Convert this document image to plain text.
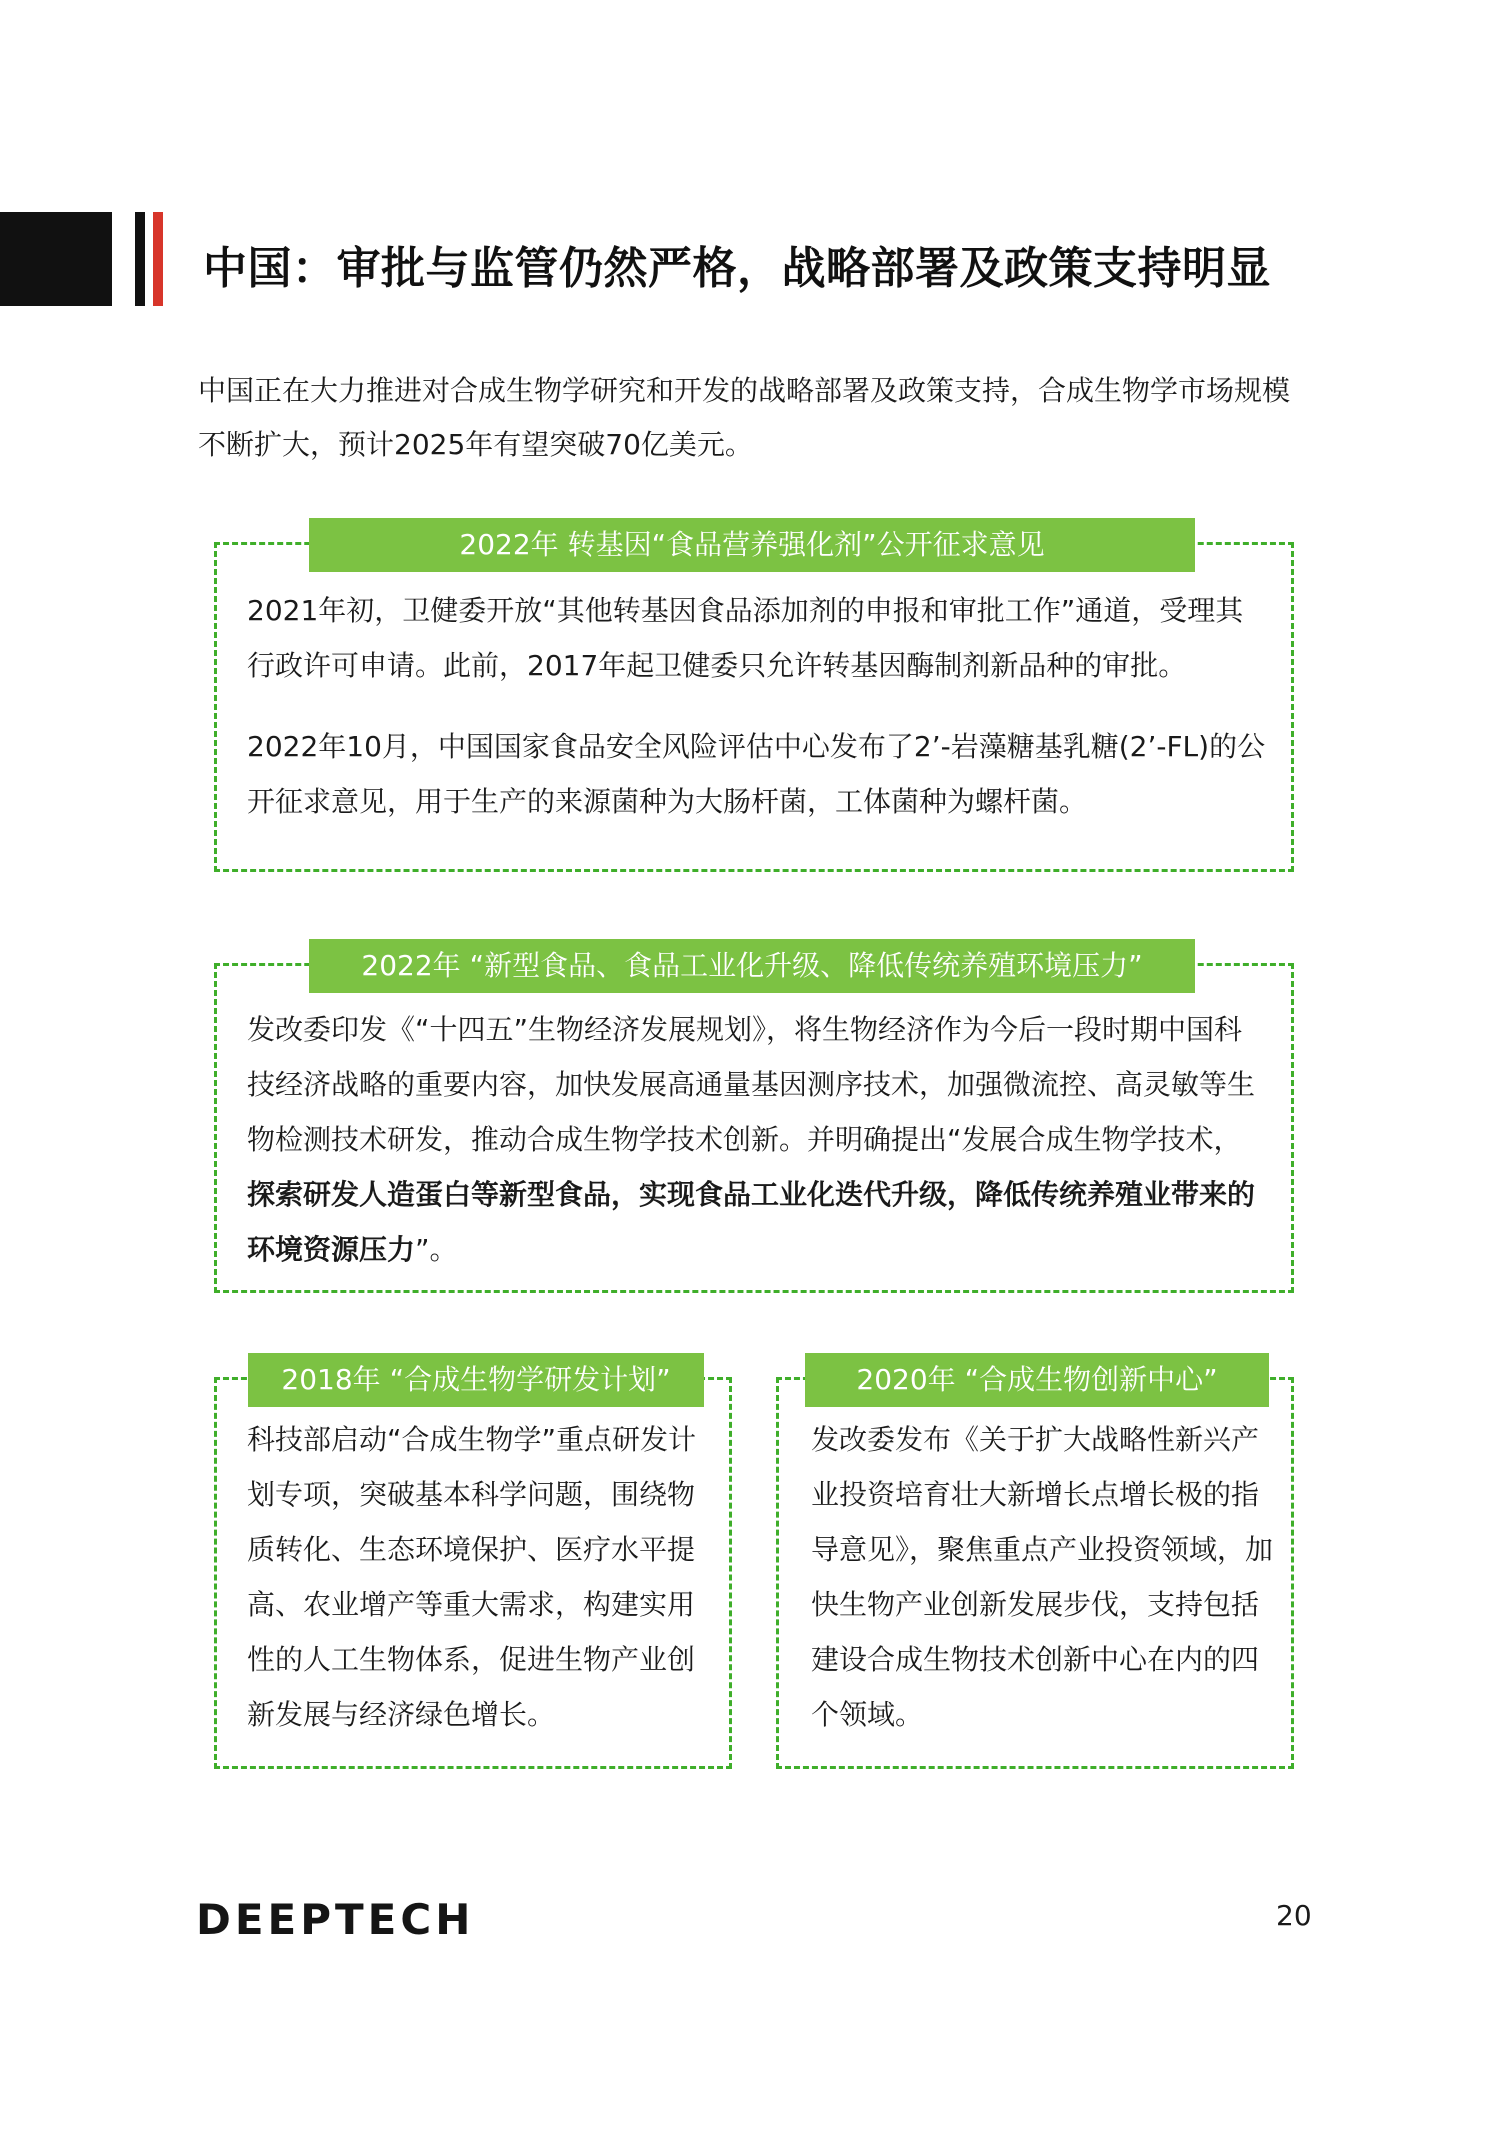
中国：审批与监管仍然严格，战略部署及政策支持明显

中国正在大力推进对合成生物学研究和开发的战略部署及政策支持，合成生物学市场规模不断扩大，预计2025年有望突破70亿美元。

2022年 转基因“食品营养强化剂”公开征求意见

2021年初，卫健委开放“其他转基因食品添加剂的申报和审批工作”通道，受理其行政许可申请。此前，2017年起卫健委只允许转基因酶制剂新品种的审批。

2022年10月，中国国家食品安全风险评估中心发布了2’-岩藻糖基乳糖(2’-FL)的公开征求意见，用于生产的来源菌种为大肠杆菌，工体菌种为螺杆菌。

2022年 “新型食品、食品工业化升级、降低传统养殖环境压力”

发改委印发《“十四五”生物经济发展规划》，将生物经济作为今后一段时期中国科技经济战略的重要内容，加快发展高通量基因测序技术，加强微流控、高灵敏等生物检测技术研发，推动合成生物学技术创新。并明确提出“发展合成生物学技术，探索研发人造蛋白等新型食品，实现食品工业化迭代升级，降低传统养殖业带来的环境资源压力”。

2018年 “合成生物学研发计划”

科技部启动“合成生物学”重点研发计划专项，突破基本科学问题，围绕物质转化、生态环境保护、医疗水平提高、农业增产等重大需求，构建实用性的人工生物体系，促进生物产业创新发展与经济绿色增长。

2020年 “合成生物创新中心”

发改委发布《关于扩大战略性新兴产业投资培育壮大新增长点增长极的指导意见》，聚焦重点产业投资领域，加快生物产业创新发展步伐，支持包括建设合成生物技术创新中心在内的四个领域。

DEEPTECH	20
